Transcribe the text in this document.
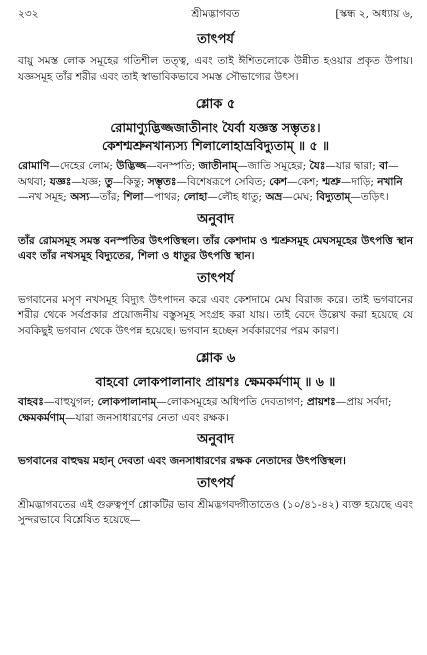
২৩২	শ্রীমদ্ভাগবত	[স্কন্ধ ২, অধ্যায় ৬,
তাৎপর্য

বায়ু সমস্ত লোক সমূহের গতিশীল তত্ত্ব, এবং তাই ঈশিতলোকে উন্নীত হওয়ার প্রকৃত উপায়। যজ্ঞসমূহ তাঁর শরীর এবং তাই স্বাভাবিকভাবে সমস্ত সৌভাগ্যের উৎস।

শ্লোক ৫

রোমাণ্যুদ্ভিজ্জজাতীনাং যৈর্বা যজ্ঞস্ত সম্ভৃতঃ।

কেশশ্মশ্রুনখান্যস্য শিলালোহাভ্রবিদ্যুতাম্ ॥ ৫ ॥

রোমাণি—দেহের লোম; উদ্ভিজ্জ—বনস্পতি; জাতীনাম্—জাতি সমূহের; যৈঃ—যার দ্বারা; বা—অথবা; যজ্ঞঃ—যজ্ঞ; তু—কিন্তু; সম্ভৃতঃ—বিশেষরূপে সেবিত; কেশ—কেশ; শ্মশ্রু—দাড়ি; নখানি—নখ সমূহ; অস্য—তাঁর; শিলা—পাথর; লোহা—লৌহ ধাতু; অভ্র—মেঘ; বিদ্যুতাম্—তড়িৎ।

অনুবাদ

তাঁর রোমসমূহ সমস্ত বনস্পতির উৎপত্তিস্থল। তাঁর কেশদাম ও শ্মশ্রুসমূহ মেঘসমূহের উৎপত্তি স্থান এবং তাঁর নখসমূহ বিদ্যুতের, শিলা ও ধাতুর উৎপত্তি স্থান।

তাৎপর্য

ভগবানের মসৃণ নখসমূহ বিদ্যুৎ উৎপাদন করে এবং কেশদামে মেঘ বিরাজ করে। তাই ভগবানের শরীর থেকে সর্বপ্রকার প্রয়োজনীয় বস্তুসমূহ সংগ্রহ করা যায়। তাই বেদে উল্লেখ করা হয়েছে যে সবকিছুই ভগবান থেকে উৎপন্ন হয়েছে। ভগবান হচ্ছেন সর্বকারণের পরম কারণ।

শ্লোক ৬

বাহবো লোকপালানাং প্রায়শঃ ক্ষেমকর্মণাম্ ॥ ৬ ॥

বাহবঃ—বাহুযুগল; লোকপালানাম্—লোকসমূহের অধিপতি দেবতাগণ; প্রায়শঃ—প্রায় সর্বদা; ক্ষেমকর্মণাম্—যারা জনসাধারণের নেতা এবং রক্ষক।

অনুবাদ

ভগবানের বাহুদ্বয় মহান্ দেবতা এবং জনসাধারণের রক্ষক নেতাদের উৎপত্তিস্থল।

তাৎপর্য

শ্রীমদ্ভাগবতের এই গুরুত্বপূর্ণ শ্লোকটির ভাব শ্রীমদ্ভগবদ্গীতাতেও (১০/৪১-৪২) ব্যক্ত হয়েছে এবং সুন্দরভাবে বিশ্লেষিত হয়েছে—
